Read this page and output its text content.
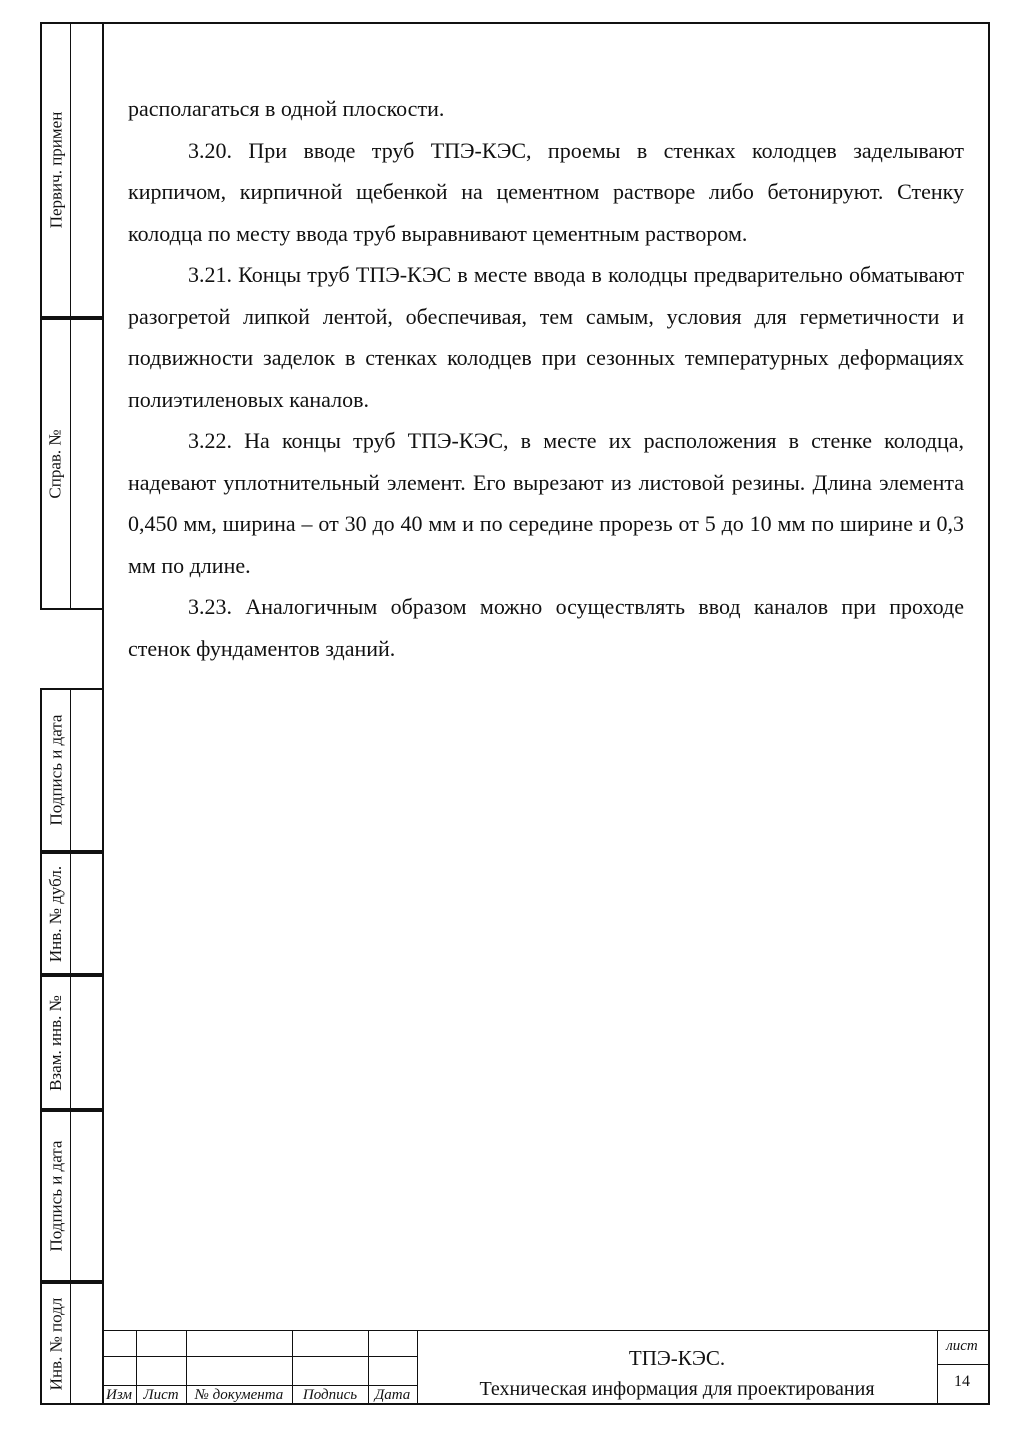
Перв​ич. примен
Справ. №
Подпись и дата
Инв. № дубл.
Взам. инв. №
Подпись и дата
Инв. № подл

располагаться в одной плоскости.

3.20. При вводе труб ТПЭ-КЭС, проемы в стенках колодцев заделывают кирпичом, кирпичной щебенкой на цементном растворе либо бетонируют. Стенку колодца по месту ввода труб выравнивают цементным раствором.

3.21. Концы труб ТПЭ-КЭС в месте ввода в колодцы предварительно обматывают разогретой липкой лентой, обеспечивая, тем самым, условия для герметичности и подвижности заделок в стенках колодцев при сезонных температурных деформациях полиэтиленовых каналов.

3.22. На концы труб ТПЭ-КЭС, в месте их расположения в стенке колодца, надевают уплотнительный элемент. Его вырезают из листовой резины. Длина элемента 0,450 мм, ширина – от 30 до 40 мм и по середине прорезь от 5 до 10 мм по ширине и 0,3 мм по длине.

3.23. Аналогичным образом можно осуществлять ввод каналов при проходе стенок фундаментов зданий.

Изм Лист	№ документа	Подпись	Дата
ТПЭ-КЭС.
Техническая информация для проектирования
лист
14
